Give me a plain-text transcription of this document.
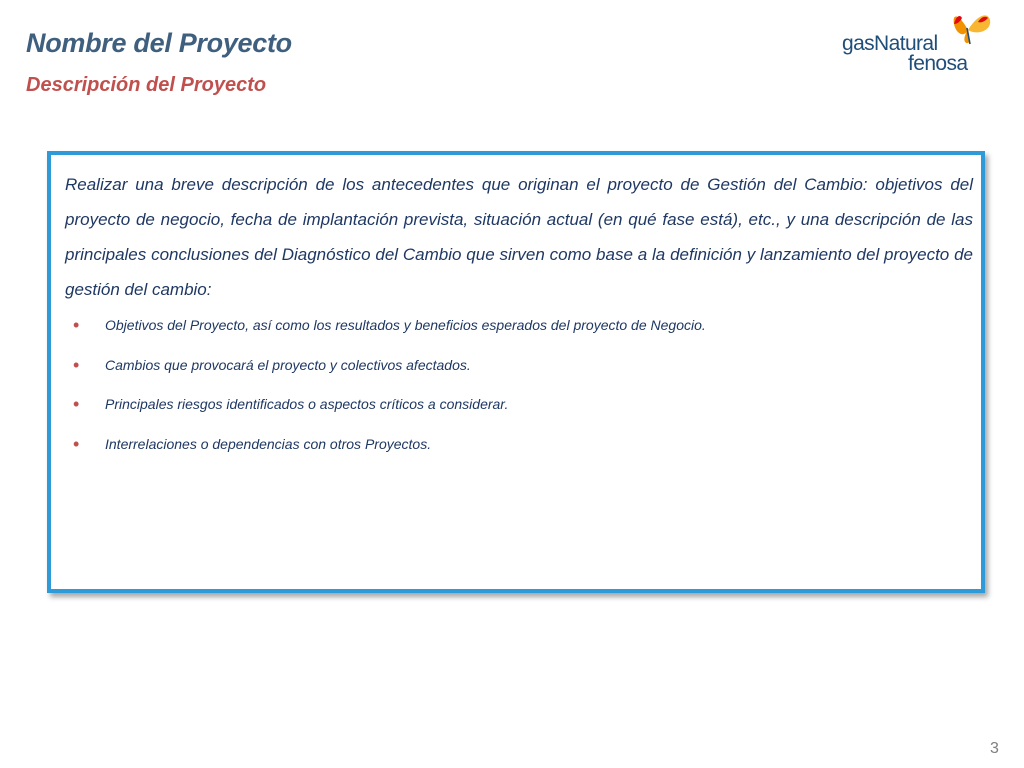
Nombre del Proyecto
Descripción del Proyecto
gasNatural
fenosa

Realizar una breve descripción de los antecedentes que originan el proyecto de Gestión del Cambio: objetivos del proyecto de negocio, fecha de implantación prevista, situación actual (en qué fase está), etc., y una descripción de las principales conclusiones del Diagnóstico del Cambio que sirven como base a la definición y lanzamiento del proyecto de gestión del cambio:

• Objetivos del Proyecto, así como los resultados y beneficios esperados del proyecto de Negocio.
• Cambios que provocará el proyecto y colectivos afectados.
• Principales riesgos identificados o aspectos críticos a considerar.
• Interrelaciones o dependencias con otros Proyectos.
3
